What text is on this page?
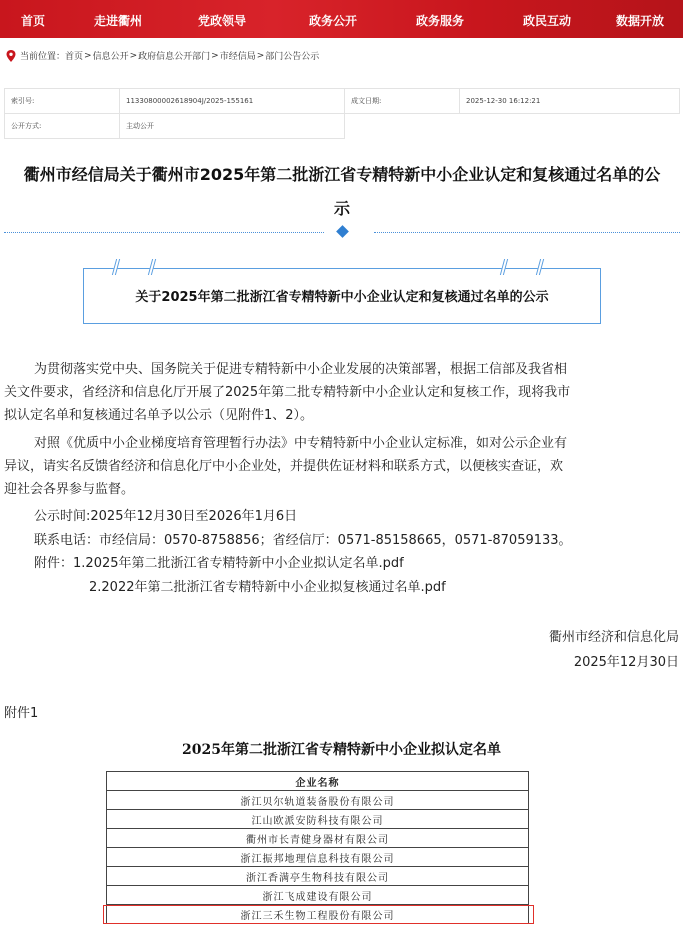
首页	走进衢州	党政领导	政务公开	政务服务	政民互动	数据开放
当前位置： 首页 > 信息公开 > 政府信息公开部门 > 市经信局 > 部门公告公示
索引号:	11330800002618904J/2025-155161	成文日期:	2025-12-30 16:12:21
公开方式:	主动公开		
衢州市经信局关于衢州市2025年第二批浙江省专精特新中小企业认定和复核通过名单的公
示
关于2025年第二批浙江省专精特新中小企业认定和复核通过名单的公示
为贯彻落实党中央、国务院关于促进专精特新中小企业发展的决策部署，根据工信部及我省相
关文件要求，省经济和信息化厅开展了2025年第二批专精特新中小企业认定和复核工作，现将我市
拟认定名单和复核通过名单予以公示（见附件1、2）。
对照《优质中小企业梯度培育管理暂行办法》中专精特新中小企业认定标准，如对公示企业有
异议，请实名反馈省经济和信息化厅中小企业处，并提供佐证材料和联系方式，以便核实查证，欢
迎社会各界参与监督。
公示时间:2025年12月30日至2026年1月6日
联系电话：市经信局：0570-8758856；省经信厅：0571-85158665，0571-87059133。
附件：1.2025年第二批浙江省专精特新中小企业拟认定名单.pdf
2.2022年第二批浙江省专精特新中小企业拟复核通过名单.pdf
衢州市经济和信息化局
2025年12月30日
附件1
2025年第二批浙江省专精特新中小企业拟认定名单
企业名称
浙江贝尔轨道装备股份有限公司
江山欧派安防科技有限公司
衢州市长青健身器材有限公司
浙江振邦地理信息科技有限公司
浙江香满亭生物科技有限公司
浙江飞成建设有限公司
浙江三禾生物工程股份有限公司
